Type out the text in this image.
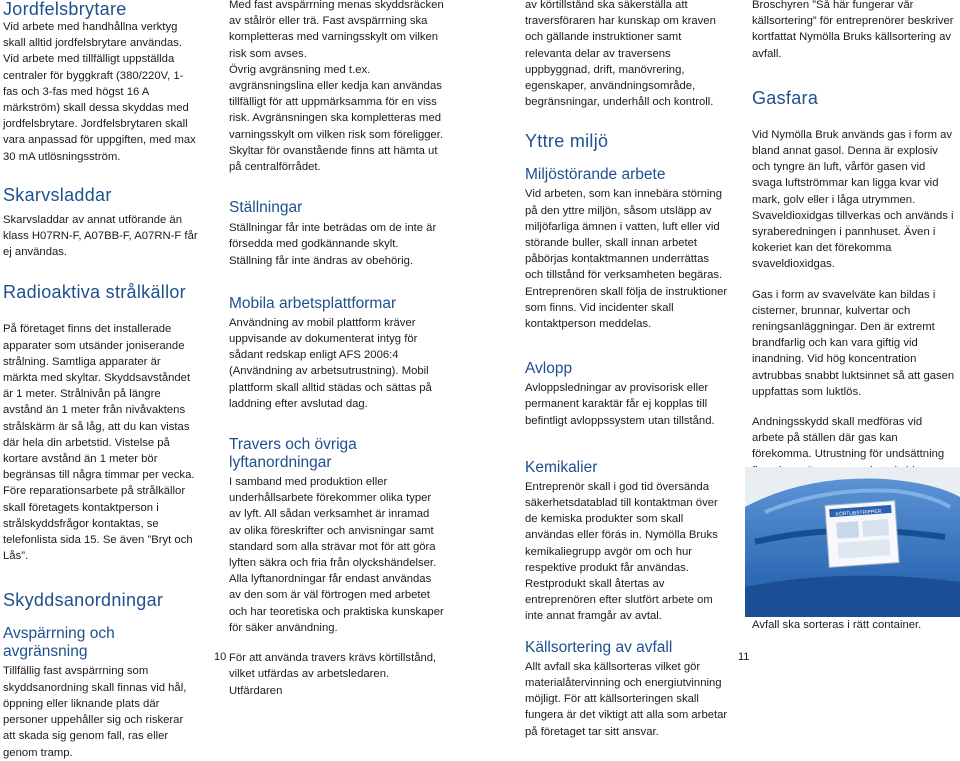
Jordfelsbrytare

Vid arbete med handhållna verktyg skall alltid jordfelsbrytare användas. Vid arbete med tillfälligt uppställda centraler för byggkraft (380/220V, 1-fas och 3-fas med högst 16 A märkström) skall dessa skyddas med jordfelsbrytare. Jordfelsbrytaren skall vara anpassad för uppgiften, med max 30 mA utlösningsström.

Skarvsladdar

Skarvsladdar av annat utförande än klass H07RN-F, A07BB-F, A07RN-F får ej användas.

Radioaktiva strålkällor

På företaget finns det installerade apparater som utsänder joniserande strålning. Samtliga apparater är märkta med skyltar. Skyddsavståndet är 1 meter. Strålnivån på längre avstånd än 1 meter från nivåvaktens strålskärm är så låg, att du kan vistas där hela din arbetstid. Vistelse på kortare avstånd än 1 meter bör begränsas till några timmar per vecka.

Före reparationsarbete på strålkällor skall företagets kontaktperson i strålskyddsfrågor kontaktas, se telefonlista sida 15. Se även ”Bryt och Lås”.

Skyddsanordningar
Avspärrning och avgränsning

Tillfällig fast avspärrning som skyddsanordning skall finnas vid hål, öppning eller liknande plats där personer uppehåller sig och riskerar att skada sig genom fall, ras eller genom tramp.

Med fast avspärrning menas skyddsräcken av stålrör eller trä. Fast avspärrning ska kompletteras med varningsskylt om vilken risk som avses.

Övrig avgränsning med t.ex. avgränsningslina eller kedja kan användas tillfälligt för att uppmärksamma för en viss risk. Avgränsningen ska kompletteras med varningsskylt om vilken risk som föreligger. Skyltar för ovanstående finns att hämta ut på centralförrådet.

Ställningar

Ställningar får inte beträdas om de inte är försedda med godkännande skylt. Ställning får inte ändras av obehörig.

Mobila arbetsplattformar

Användning av mobil plattform kräver uppvisande av dokumenterat intyg för sådant redskap enligt AFS 2006:4 (Användning av arbetsutrustning). Mobil plattform skall alltid städas och sättas på laddning efter avslutad dag.

Travers och övriga lyftanordningar

I samband med produktion eller underhållsarbete förekommer olika typer av lyft. All sådan verksamhet är inramad av olika föreskrifter och anvisningar samt standard som alla strävar mot för att göra lyften säkra och fria från olyckshändelser. Alla lyftanordningar får endast användas av den som är väl förtrogen med arbetet och har teoretiska och praktiska kunskaper för säker användning.

För att använda travers krävs körtillstånd, vilket utfärdas av arbetsledaren. Utfärdaren

10

av körtillstånd ska säkerställa att traversföraren har kunskap om kraven och gällande instruktioner samt relevanta delar av traversens uppbyggnad, drift, manövrering, egenskaper, användningsområde, begränsningar, underhåll och kontroll.

Yttre miljö
Miljöstörande arbete

Vid arbeten, som kan innebära störning på den yttre miljön, såsom utsläpp av miljöfarliga ämnen i vatten, luft eller vid störande buller, skall innan arbetet påbörjas kontaktmannen underrättas och tillstånd för verksamheten begäras. Entreprenören skall följa de instruktioner som finns. Vid incidenter skall kontaktperson meddelas.

Avlopp

Avloppsledningar av provisorisk eller permanent karaktär får ej kopplas till befintligt avloppssystem utan tillstånd.

Kemikalier

Entreprenör skall i god tid översända säkerhetsdatablad till kontaktman över de kemiska produkter som skall användas eller förás in. Nymölla Bruks kemikaliegrupp avgör om och hur respektive produkt får användas. Restprodukt skall återtas av entreprenören efter slutfört arbete om inte annat framgår av avtal.

Källsortering av avfall

Allt avfall ska källsorteras vilket gör materialåtervinning och energiutvinning möjligt. För att källsorteringen skall fungera är det viktigt att alla som arbetar på företaget tar sitt ansvar.

Broschyren ”Så här fungerar vår källsortering” för entreprenörer beskriver kortfattat Nymölla Bruks källsortering av avfall.

Gasfara

Vid Nymölla Bruk används gas i form av bland annat gasol. Denna är explosiv och tyngre än luft, vårför gasen vid svaga luftströmmar kan ligga kvar vid mark, golv eller i låga utrymmen. Svaveldioxidgas tillverkas och används i syraberedningen i pannhuset. Även i kokeriet kan det förekomma svaveldioxidgas.

Gas i form av svavelväte kan bildas i cisterner, brunnar, kulvertar och reningsanläggningar. Den är extremt brandfarlig och kan vara giftig vid inandning. Vid hög koncentration avtrubbas snabbt luktsinnet så att gasen uppfattas som luktlös.

Andningsskydd skall medföras vid arbete på ställen där gas kan förekomma. Utrustning för undsättning

11
KÖRTUBSTRIPPER
Avfall ska sorteras i rätt container.
